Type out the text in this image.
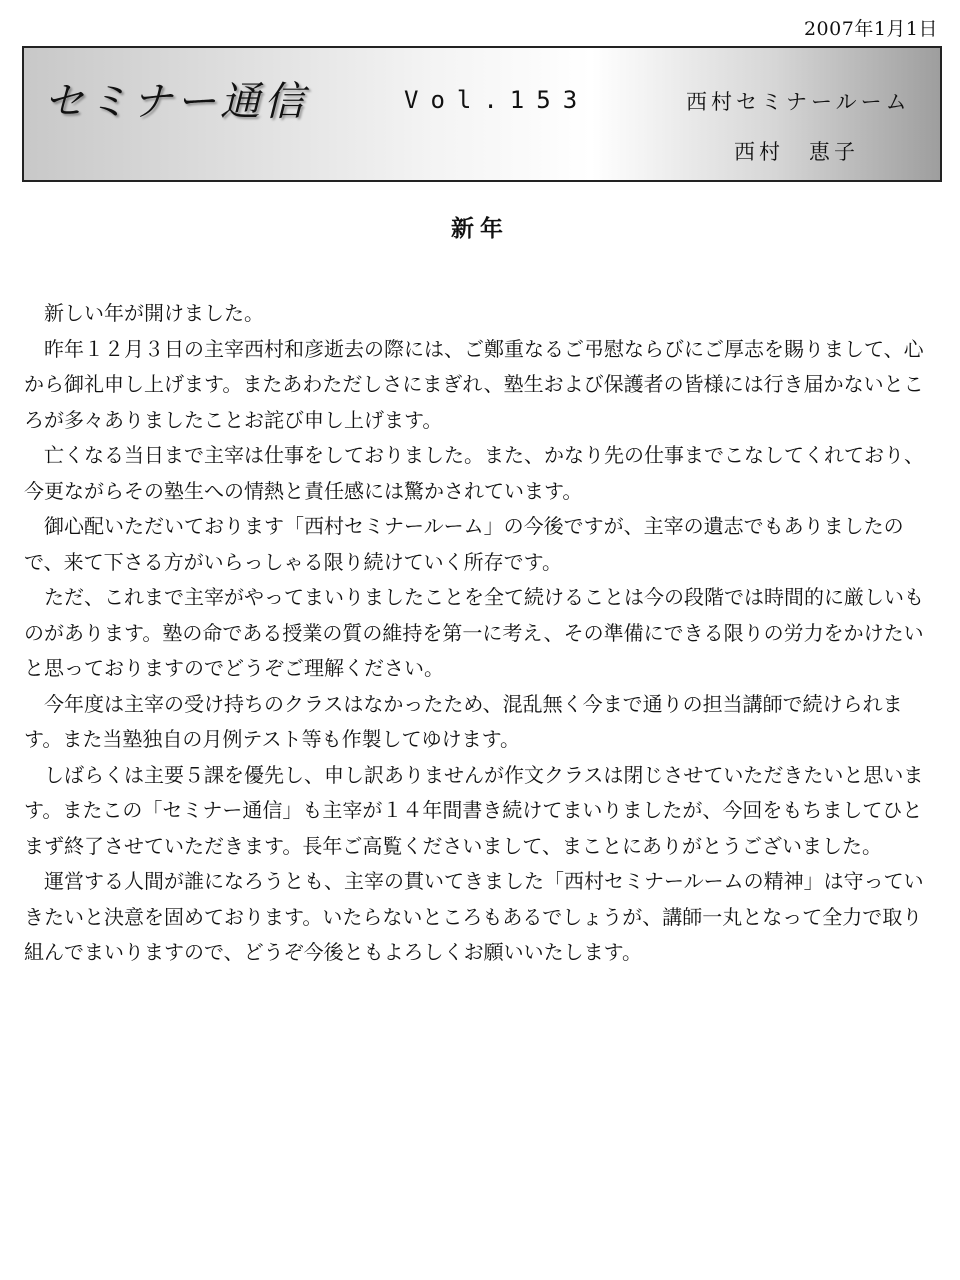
2007年1月1日
セミナー通信	Vol.153	西村セミナールーム
西村　恵子
新年

新しい年が開けました。

昨年１２月３日の主宰西村和彦逝去の際には、ご鄭重なるご弔慰ならびにご厚志を賜りまして、心から御礼申し上げます。またあわただしさにまぎれ、塾生および保護者の皆様には行き届かないところが多々ありましたことお詫び申し上げます。

亡くなる当日まで主宰は仕事をしておりました。また、かなり先の仕事までこなしてくれており、今更ながらその塾生への情熱と責任感には驚かされています。

御心配いただいております「西村セミナールーム」の今後ですが、主宰の遺志でもありましたので、来て下さる方がいらっしゃる限り続けていく所存です。

ただ、これまで主宰がやってまいりましたことを全て続けることは今の段階では時間的に厳しいものがあります。塾の命である授業の質の維持を第一に考え、その準備にできる限りの労力をかけたいと思っておりますのでどうぞご理解ください。

今年度は主宰の受け持ちのクラスはなかったため、混乱無く今まで通りの担当講師で続けられます。また当塾独自の月例テスト等も作製してゆけます。

しばらくは主要５課を優先し、申し訳ありませんが作文クラスは閉じさせていただきたいと思います。またこの「セミナー通信」も主宰が１４年間書き続けてまいりましたが、今回をもちましてひとまず終了させていただきます。長年ご高覧くださいまして、まことにありがとうございました。

運営する人間が誰になろうとも、主宰の貫いてきました「西村セミナールームの精神」は守っていきたいと決意を固めております。いたらないところもあるでしょうが、講師一丸となって全力で取り組んでまいりますので、どうぞ今後ともよろしくお願いいたします。
